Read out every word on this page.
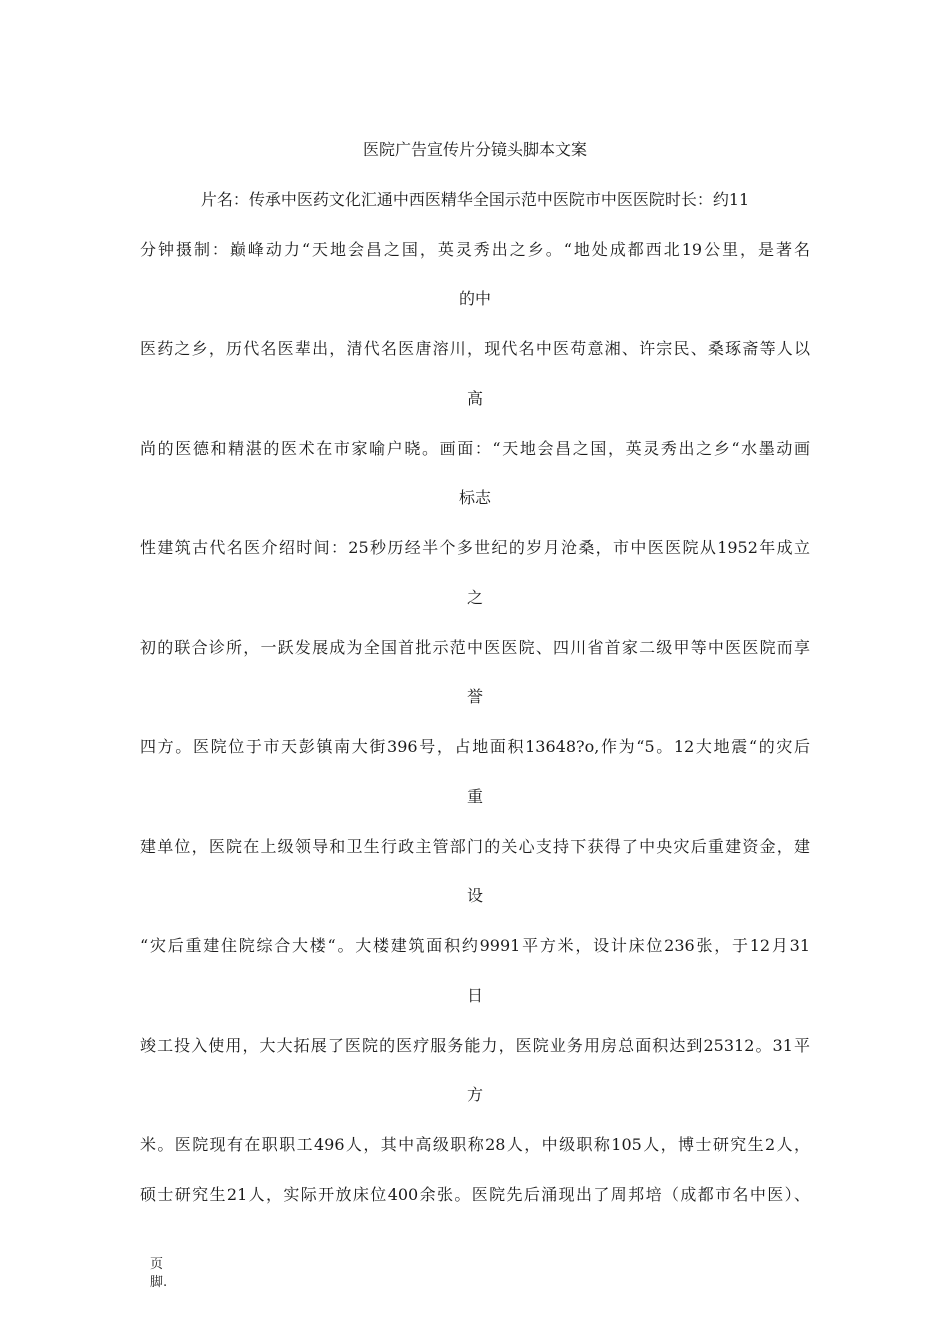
医院广告宣传片分镜头脚本文案
片名：传承中医药文化汇通中西医精华全国示范中医院市中医医院时长：约11
分钟摄制：巅峰动力“天地会昌之国，英灵秀出之乡。“地处成都西北19公里，是著名
的中
医药之乡，历代名医辈出，清代名医唐溶川，现代名中医苟意湘、许宗民、桑琢斋等人以
高
尚的医德和精湛的医术在市家喻户晓。画面：“天地会昌之国，英灵秀出之乡“水墨动画
标志
性建筑古代名医介绍时间：25秒历经半个多世纪的岁月沧桑，市中医医院从1952年成立
之
初的联合诊所，一跃发展成为全国首批示范中医医院、四川省首家二级甲等中医医院而享
誉
四方。医院位于市天彭镇南大街396号，占地面积13648?o,作为“5。12大地震“的灾后
重
建单位，医院在上级领导和卫生行政主管部门的关心支持下获得了中央灾后重建资金，建
设
“灾后重建住院综合大楼“。大楼建筑面积约9991平方米，设计床位236张，于12月31
日
竣工投入使用，大大拓展了医院的医疗服务能力，医院业务用房总面积达到25312。31平
方
米。医院现有在职职工496人，其中高级职称28人，中级职称105人，博士研究生2人，
硕士研究生21人，实际开放床位400余张。医院先后涌现出了周邦培（成都市名中医）、
页
脚.
